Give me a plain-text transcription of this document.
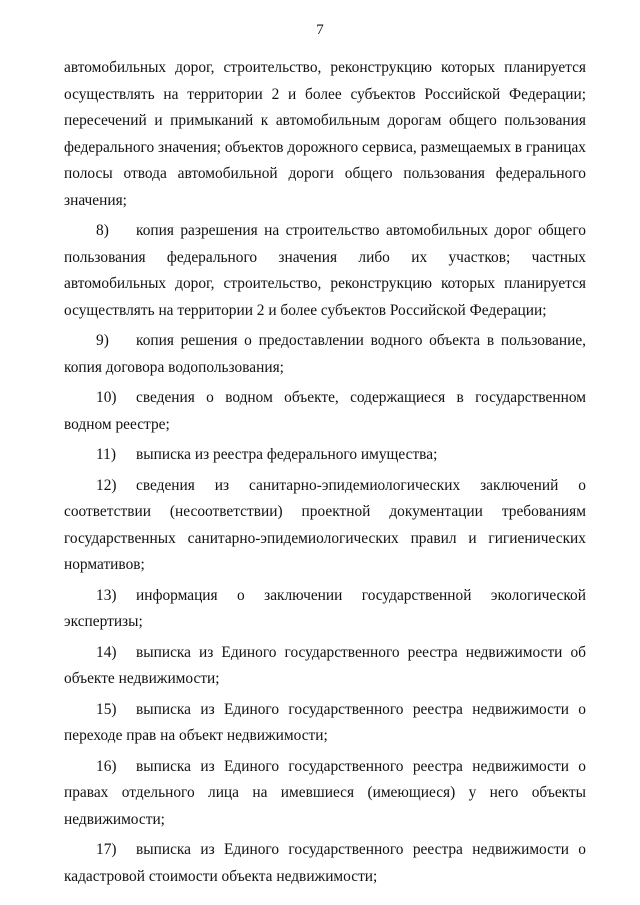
7

автомобильных дорог, строительство, реконструкцию которых планируется осуществлять на территории 2 и более субъектов Российской Федерации; пересечений и примыканий к автомобильным дорогам общего пользования федерального значения; объектов дорожного сервиса, размещаемых в границах полосы отвода автомобильной дороги общего пользования федерального значения;

8) копия разрешения на строительство автомобильных дорог общего пользования федерального значения либо их участков; частных автомобильных дорог, строительство, реконструкцию которых планируется осуществлять на территории 2 и более субъектов Российской Федерации;

9) копия решения о предоставлении водного объекта в пользование, копия договора водопользования;

10) сведения о водном объекте, содержащиеся в государственном водном реестре;

11) выписка из реестра федерального имущества;

12) сведения из санитарно-эпидемиологических заключений о соответствии (несоответствии) проектной документации требованиям государственных санитарно-эпидемиологических правил и гигиенических нормативов;

13) информация о заключении государственной экологической экспертизы;

14) выписка из Единого государственного реестра недвижимости об объекте недвижимости;

15) выписка из Единого государственного реестра недвижимости о переходе прав на объект недвижимости;

16) выписка из Единого государственного реестра недвижимости о правах отдельного лица на имевшиеся (имеющиеся) у него объекты недвижимости;

17) выписка из Единого государственного реестра недвижимости о кадастровой стоимости объекта недвижимости;
